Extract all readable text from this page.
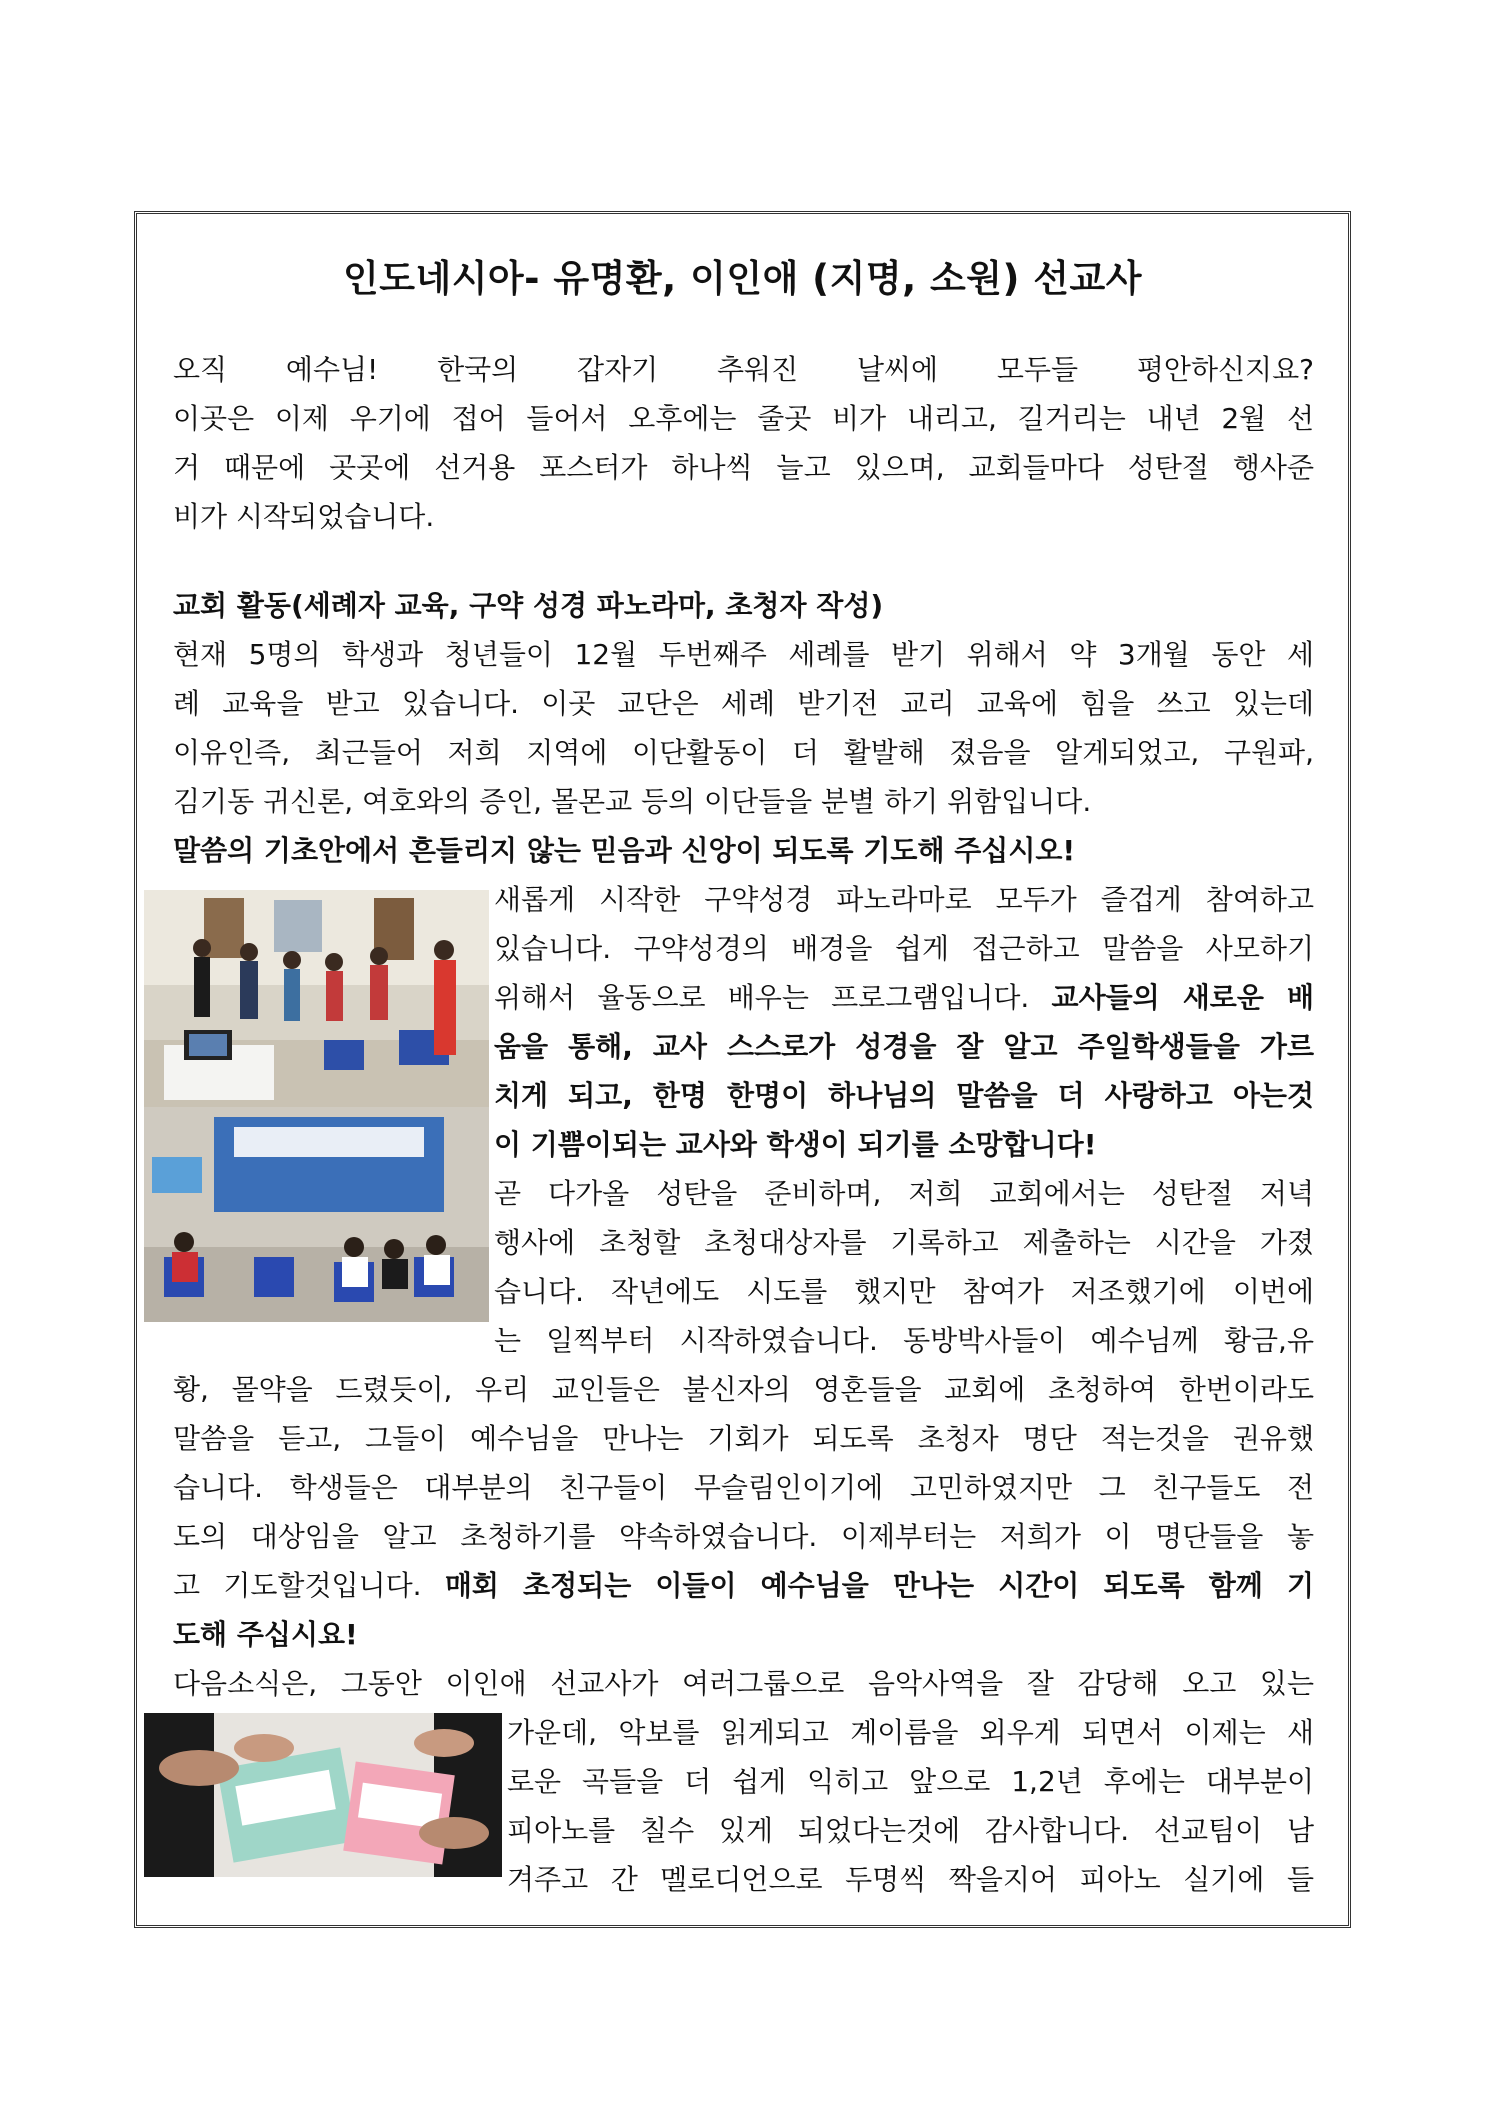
인도네시아- 유명환, 이인애 (지명, 소원) 선교사
오직 예수님! 한국의 갑자기 추워진 날씨에 모두들 평안하신지요?
이곳은 이제 우기에 접어 들어서 오후에는 줄곳 비가 내리고, 길거리는 내년 2월 선
거 때문에 곳곳에 선거용 포스터가 하나씩 늘고 있으며, 교회들마다 성탄절 행사준
비가 시작되었습니다.
교회 활동(세례자 교육, 구약 성경 파노라마, 초청자 작성)
현재 5명의 학생과 청년들이 12월 두번째주 세례를 받기 위해서 약 3개월 동안 세
례 교육을 받고 있습니다. 이곳 교단은 세례 받기전 교리 교육에 힘을 쓰고 있는데
이유인즉, 최근들어 저희 지역에 이단활동이 더 활발해 졌음을 알게되었고, 구원파,
김기동 귀신론, 여호와의 증인, 몰몬교 등의 이단들을 분별 하기 위함입니다.
말씀의 기초안에서 흔들리지 않는 믿음과 신앙이 되도록 기도해 주십시오!
새롭게 시작한 구약성경 파노라마로 모두가 즐겁게 참여하고
있습니다. 구약성경의 배경을 쉽게 접근하고 말씀을 사모하기
위해서 율동으로 배우는 프로그램입니다. 교사들의 새로운 배
움을 통해, 교사 스스로가 성경을 잘 알고 주일학생들을 가르
치게 되고, 한명 한명이 하나님의 말씀을 더 사랑하고 아는것
이 기쁨이되는 교사와 학생이 되기를 소망합니다!
곧 다가올 성탄을 준비하며, 저희 교회에서는 성탄절 저녁
행사에 초청할 초청대상자를 기록하고 제출하는 시간을 가졌
습니다. 작년에도 시도를 했지만 참여가 저조했기에 이번에
는 일찍부터 시작하였습니다. 동방박사들이 예수님께 황금,유
황, 몰약을 드렸듯이, 우리 교인들은 불신자의 영혼들을 교회에 초청하여 한번이라도
말씀을 듣고, 그들이 예수님을 만나는 기회가 되도록 초청자 명단 적는것을 권유했
습니다. 학생들은 대부분의 친구들이 무슬림인이기에 고민하였지만 그 친구들도 전
도의 대상임을 알고 초청하기를 약속하였습니다. 이제부터는 저희가 이 명단들을 놓
고 기도할것입니다. 매회 초정되는 이들이 예수님을 만나는 시간이 되도록 함께 기
도해 주십시요!
다음소식은, 그동안 이인애 선교사가 여러그룹으로 음악사역을 잘 감당해 오고 있는
가운데, 악보를 읽게되고 계이름을 외우게 되면서 이제는 새
로운 곡들을 더 쉽게 익히고 앞으로 1,2년 후에는 대부분이
피아노를 칠수 있게 되었다는것에 감사합니다. 선교팀이 남
겨주고 간 멜로디언으로 두명씩 짝을지어 피아노 실기에 들
